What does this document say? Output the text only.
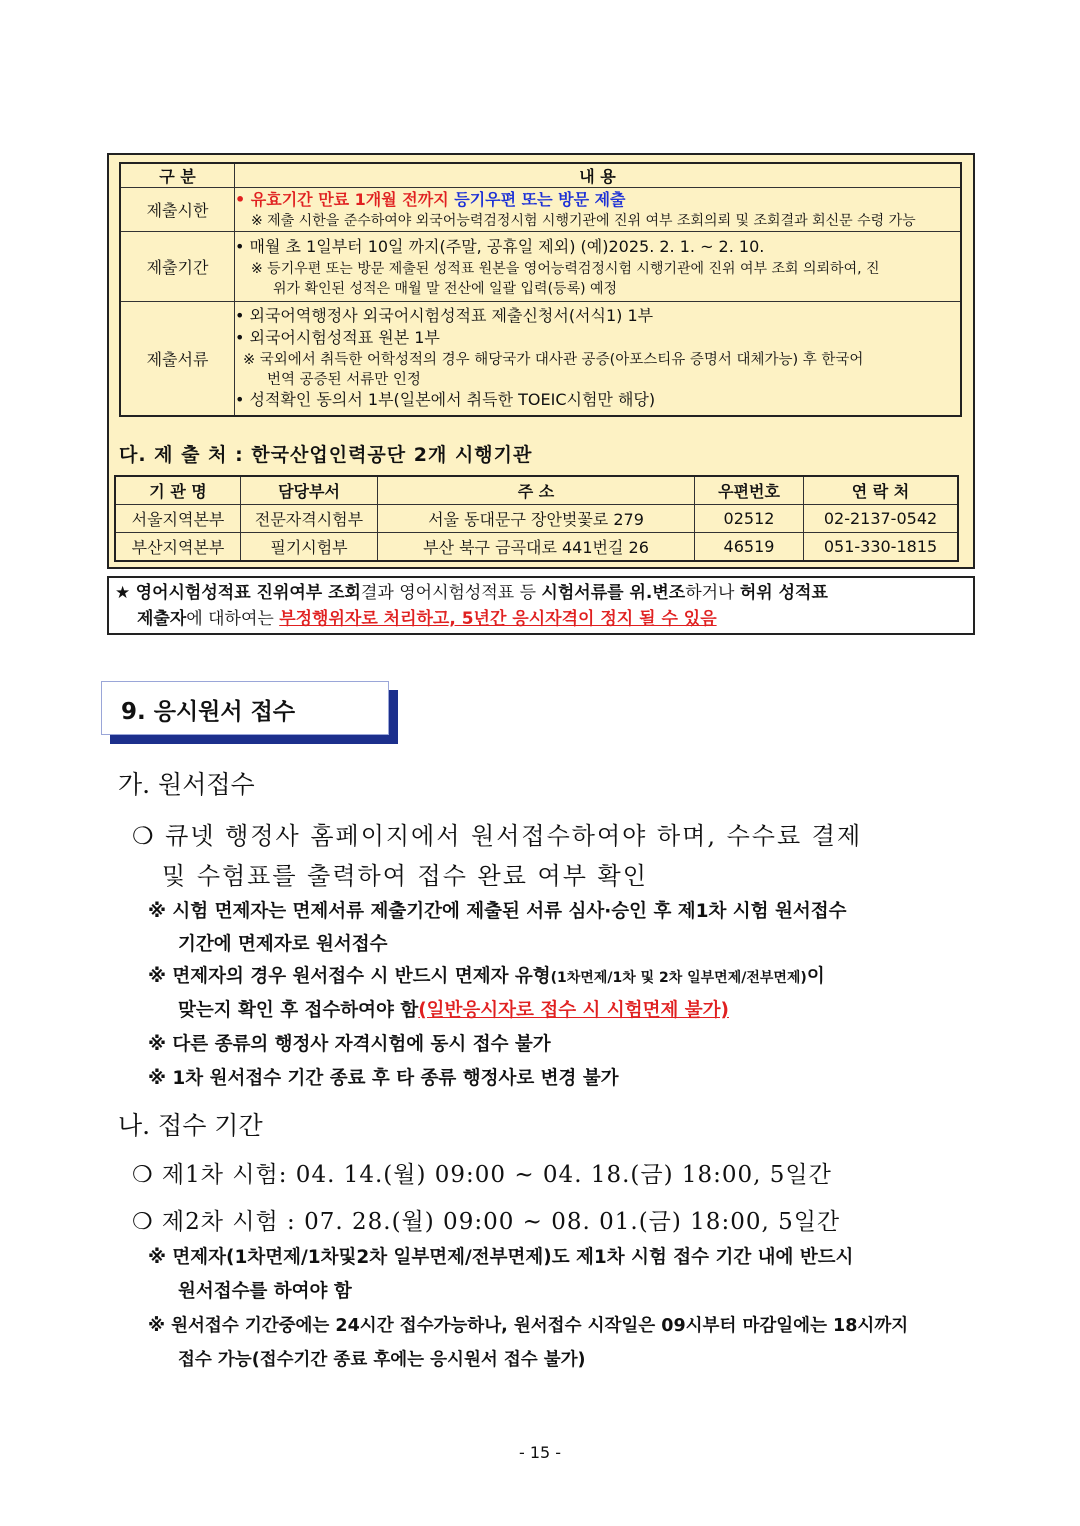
구 분	내 용
제출시한	• 유효기간 만료 1개월 전까지 등기우편 또는 방문 제출
※ 제출 시한을 준수하여야 외국어능력검정시험 시행기관에 진위 여부 조회의뢰 및 조회결과 회신문 수령 가능

제출기간	• 매월 초 1일부터 10일 까지(주말, 공휴일 제외) (예)2025. 2. 1. ~ 2. 10.
※ 등기우편 또는 방문 제출된 성적표 원본을 영어능력검정시험 시행기관에 진위 여부 조회 의뢰하여, 진
위가 확인된 성적은 매월 말 전산에 일괄 입력(등록) 예정

제출서류	• 외국어역행정사 외국어시험성적표 제출신청서(서식1) 1부
• 외국어시험성적표 원본 1부
※ 국외에서 취득한 어학성적의 경우 해당국가 대사관 공증(아포스티유 증명서 대체가능) 후 한국어
번역 공증된 서류만 인정
• 성적확인 동의서 1부(일본에서 취득한 TOEIC시험만 해당)
다. 제 출 처 : 한국산업인력공단 2개 시행기관
기 관 명	담당부서	주 소	우편번호	연 락 처
서울지역본부	전문자격시험부	서울 동대문구 장안벚꽃로 279	02512	02-2137-0542
부산지역본부	필기시험부	부산 북구 금곡대로 441번길 26	46519	051-330-1815
★ 영어시험성적표 진위여부 조회결과 영어시험성적표 등 시험서류를 위.변조하거나 허위 성적표
제출자에 대하여는 부정행위자로 처리하고, 5년간 응시자격이 정지 될 수 있음
9. 응시원서 접수
가. 원서접수
❍ 큐넷 행정사 홈페이지에서 원서접수하여야 하며, 수수료 결제
및 수험표를 출력하여 접수 완료 여부 확인
※ 시험 면제자는 면제서류 제출기간에 제출된 서류 심사·승인 후 제1차 시험 원서접수
기간에 면제자로 원서접수
※ 면제자의 경우 원서접수 시 반드시 면제자 유형(1차면제/1차 및 2차 일부면제/전부면제)이
맞는지 확인 후 접수하여야 함(일반응시자로 접수 시 시험면제 불가)
※ 다른 종류의 행정사 자격시험에 동시 접수 불가
※ 1차 원서접수 기간 종료 후 타 종류 행정사로 변경 불가
나. 접수 기간
❍ 제1차 시험: 04. 14.(월) 09:00 ~ 04. 18.(금) 18:00, 5일간
❍ 제2차 시험 : 07. 28.(월) 09:00 ~ 08. 01.(금) 18:00, 5일간
※ 면제자(1차면제/1차및2차 일부면제/전부면제)도 제1차 시험 접수 기간 내에 반드시
원서접수를 하여야 함
※ 원서접수 기간중에는 24시간 접수가능하나, 원서접수 시작일은 09시부터 마감일에는 18시까지
접수 가능(접수기간 종료 후에는 응시원서 접수 불가)
- 15 -
